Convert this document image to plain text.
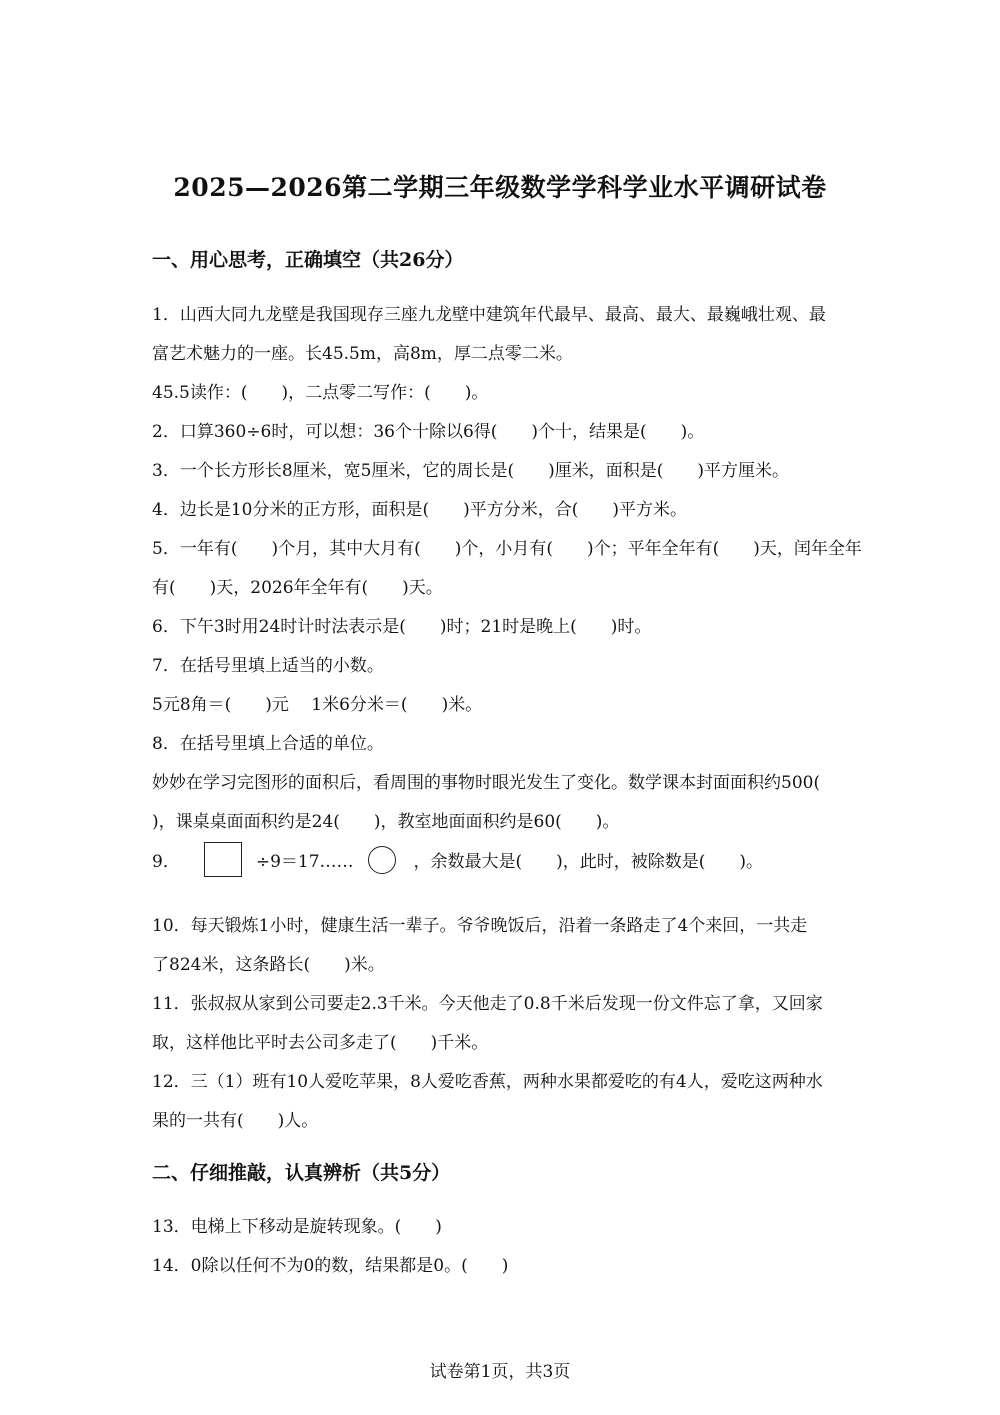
2025—2026第二学期三年级数学学科学业水平调研试卷
一、用心思考，正确填空（共26分）
1．山西大同九龙壁是我国现存三座九龙壁中建筑年代最早、最高、最大、最巍峨壮观、最
富艺术魅力的一座。长45.5m，高8m，厚二点零二米。
45.5读作：(　　)，二点零二写作：(　　)。
2．口算360÷6时，可以想：36个十除以6得(　　)个十，结果是(　　)。
3．一个长方形长8厘米，宽5厘米，它的周长是(　　)厘米，面积是(　　)平方厘米。
4．边长是10分米的正方形，面积是(　　)平方分米，合(　　)平方米。
5．一年有(　　)个月，其中大月有(　　)个，小月有(　　)个；平年全年有(　　)天，闰年全年
有(　　)天，2026年全年有(　　)天。
6．下午3时用24时计时法表示是(　　)时；21时是晚上(　　)时。
7．在括号里填上适当的小数。
5元8角＝(　　)元　 1米6分米＝(　　)米。
8．在括号里填上合适的单位。
妙妙在学习完图形的面积后，看周围的事物时眼光发生了变化。数学课本封面面积约500(
)，课桌桌面面积约是24(　　)，教室地面面积约是60(　　)。
9．	÷9＝17……	，余数最大是(　　)，此时，被除数是(　　)。
10．每天锻炼1小时，健康生活一辈子。爷爷晚饭后，沿着一条路走了4个来回，一共走
了824米，这条路长(　　)米。
11．张叔叔从家到公司要走2.3千米。今天他走了0.8千米后发现一份文件忘了拿，又回家
取，这样他比平时去公司多走了(　　)千米。
12．三（1）班有10人爱吃苹果，8人爱吃香蕉，两种水果都爱吃的有4人，爱吃这两种水
果的一共有(　　)人。
二、仔细推敲，认真辨析（共5分）
13．电梯上下移动是旋转现象。(　　)
14．0除以任何不为0的数，结果都是0。(　　)
试卷第1页，共3页
